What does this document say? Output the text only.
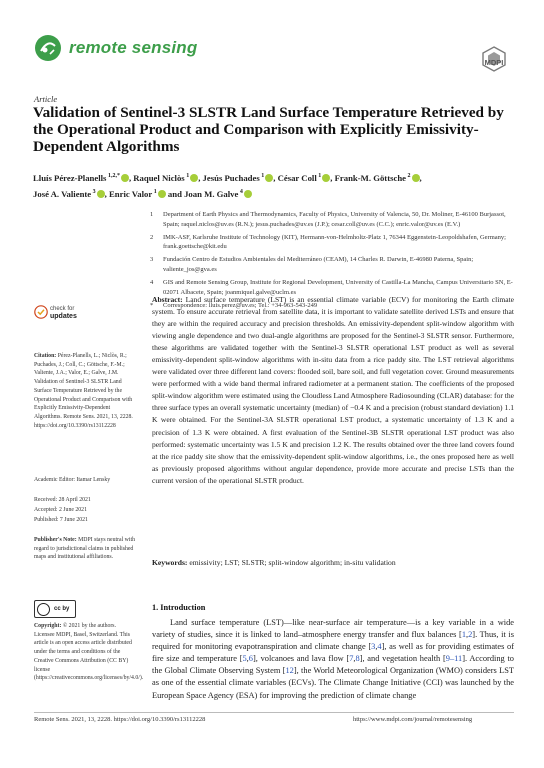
remote sensing
MDPI
Article
Validation of Sentinel-3 SLSTR Land Surface Temperature Retrieved by the Operational Product and Comparison with Explicitly Emissivity-Dependent Algorithms
Lluís Pérez-Planells $^{1,2,*}$ , Raquel Niclòs $^1$ , Jesús Puchades $^1$ , César Coll $^1$ , Frank-M. Göttsche $^2$ ,
José A. Valiente $^3$ , Enric Valor $^1$ and Joan M. Galve $^4$
1	Department of Earth Physics and Thermodynamics, Faculty of Physics, University of Valencia, 50, Dr. Moliner, E-46100 Burjassot, Spain; raquel.niclos@uv.es (R.N.); jesus.puchades@uv.es (J.P.); cesar.coll@uv.es (C.C.); enric.valor@uv.es (E.V.)
2	IMK-ASF, Karlsruhe Institute of Technology (KIT), Hermann-von-Helmholtz-Platz 1, 76344 Eggenstein-Leopoldshafen, Germany; frank.goettsche@kit.edu
3	Fundación Centro de Estudios Ambientales del Mediterráneo (CEAM), 14 Charles R. Darwin, E-46980 Paterna, Spain; valiente_jos@gva.es
4	GIS and Remote Sensing Group, Institute for Regional Development, University of Castilla-La Mancha, Campus Universitario SN, E-02071 Albacete, Spain; joanmiquel.galve@uclm.es
*	Correspondence: lluis.perez@uv.es; Tel.: +34-963-543-249
check for
updates
Citation: Pérez-Planells, L.; Niclòs, R.; Puchades, J.; Coll, C.; Göttsche, F.-M.; Valiente, J.A.; Valor, E.; Galve, J.M. Validation of Sentinel-3 SLSTR Land Surface Temperature Retrieved by the Operational Product and Comparison with Explicitly Emissivity-Dependent Algorithms. Remote Sens. 2021, 13, 2228. https://doi.org/10.3390/rs13112228
Academic Editor: Itamar Lensky
Received: 28 April 2021
Accepted: 2 June 2021
Published: 7 June 2021
Publisher's Note: MDPI stays neutral with regard to jurisdictional claims in published maps and institutional affiliations.
cc by
Copyright: © 2021 by the authors. Licensee MDPI, Basel, Switzerland. This article is an open access article distributed under the terms and conditions of the Creative Commons Attribution (CC BY) license (https://creativecommons.org/licenses/by/4.0/).
Abstract: Land surface temperature (LST) is an essential climate variable (ECV) for monitoring the Earth climate system. To ensure accurate retrieval from satellite data, it is important to validate satellite derived LSTs and ensure that they are within the required accuracy and precision thresholds. An emissivity-dependent split-window algorithm with viewing angle dependence and two dual-angle algorithms are proposed for the Sentinel-3 SLSTR sensor. Furthermore, these algorithms are validated together with the Sentinel-3 SLSTR operational LST product as well as several emissivity-dependent split-window algorithms with in-situ data from a rice paddy site. The LST retrieval algorithms were validated over three different land covers: flooded soil, bare soil, and full vegetation cover. Ground measurements were performed with a wide band thermal infrared radiometer at a permanent station. The coefficients of the proposed split-window algorithm were estimated using the Cloudless Land Atmosphere Radiosounding (CLAR) database: for the three surface types an overall systematic uncertainty (median) of −0.4 K and a precision (robust standard deviation) 1.1 K were obtained. For the Sentinel-3A SLSTR operational LST product, a systematic uncertainty of 1.3 K and a precision of 1.3 K were obtained. A first evaluation of the Sentinel-3B SLSTR operational LST product was also performed: systematic uncertainty was 1.5 K and precision 1.2 K. The results obtained over the three land covers found at the rice paddy site show that the emissivity-dependent split-window algorithms, i.e., the ones proposed here as well as previously proposed algorithms without angular dependence, provide more accurate and precise LSTs than the current version of the operational SLSTR product.
Keywords: emissivity; LST; SLSTR; split-window algorithm; in-situ validation
1. Introduction
Land surface temperature (LST)—like near-surface air temperature—is a key variable in a wide variety of studies, since it is linked to land–atmosphere energy transfer and flux balances [1,2]. Thus, it is required for monitoring evapotranspiration and climate change [3,4], as well as for providing estimates of fire size and temperature [5,6], volcanoes and lava flow [7,8], and vegetation health [9–11]. According to the Global Climate Observing System [12], the World Meteorological Organization (WMO) considers LST as one of the essential climate variables (ECVs). The Climate Change Initiative (CCI) was launched by the European Space Agency (ESA) for improving the prediction of climate change
Remote Sens. 2021, 13, 2228. https://doi.org/10.3390/rs13112228	https://www.mdpi.com/journal/remotesensing
